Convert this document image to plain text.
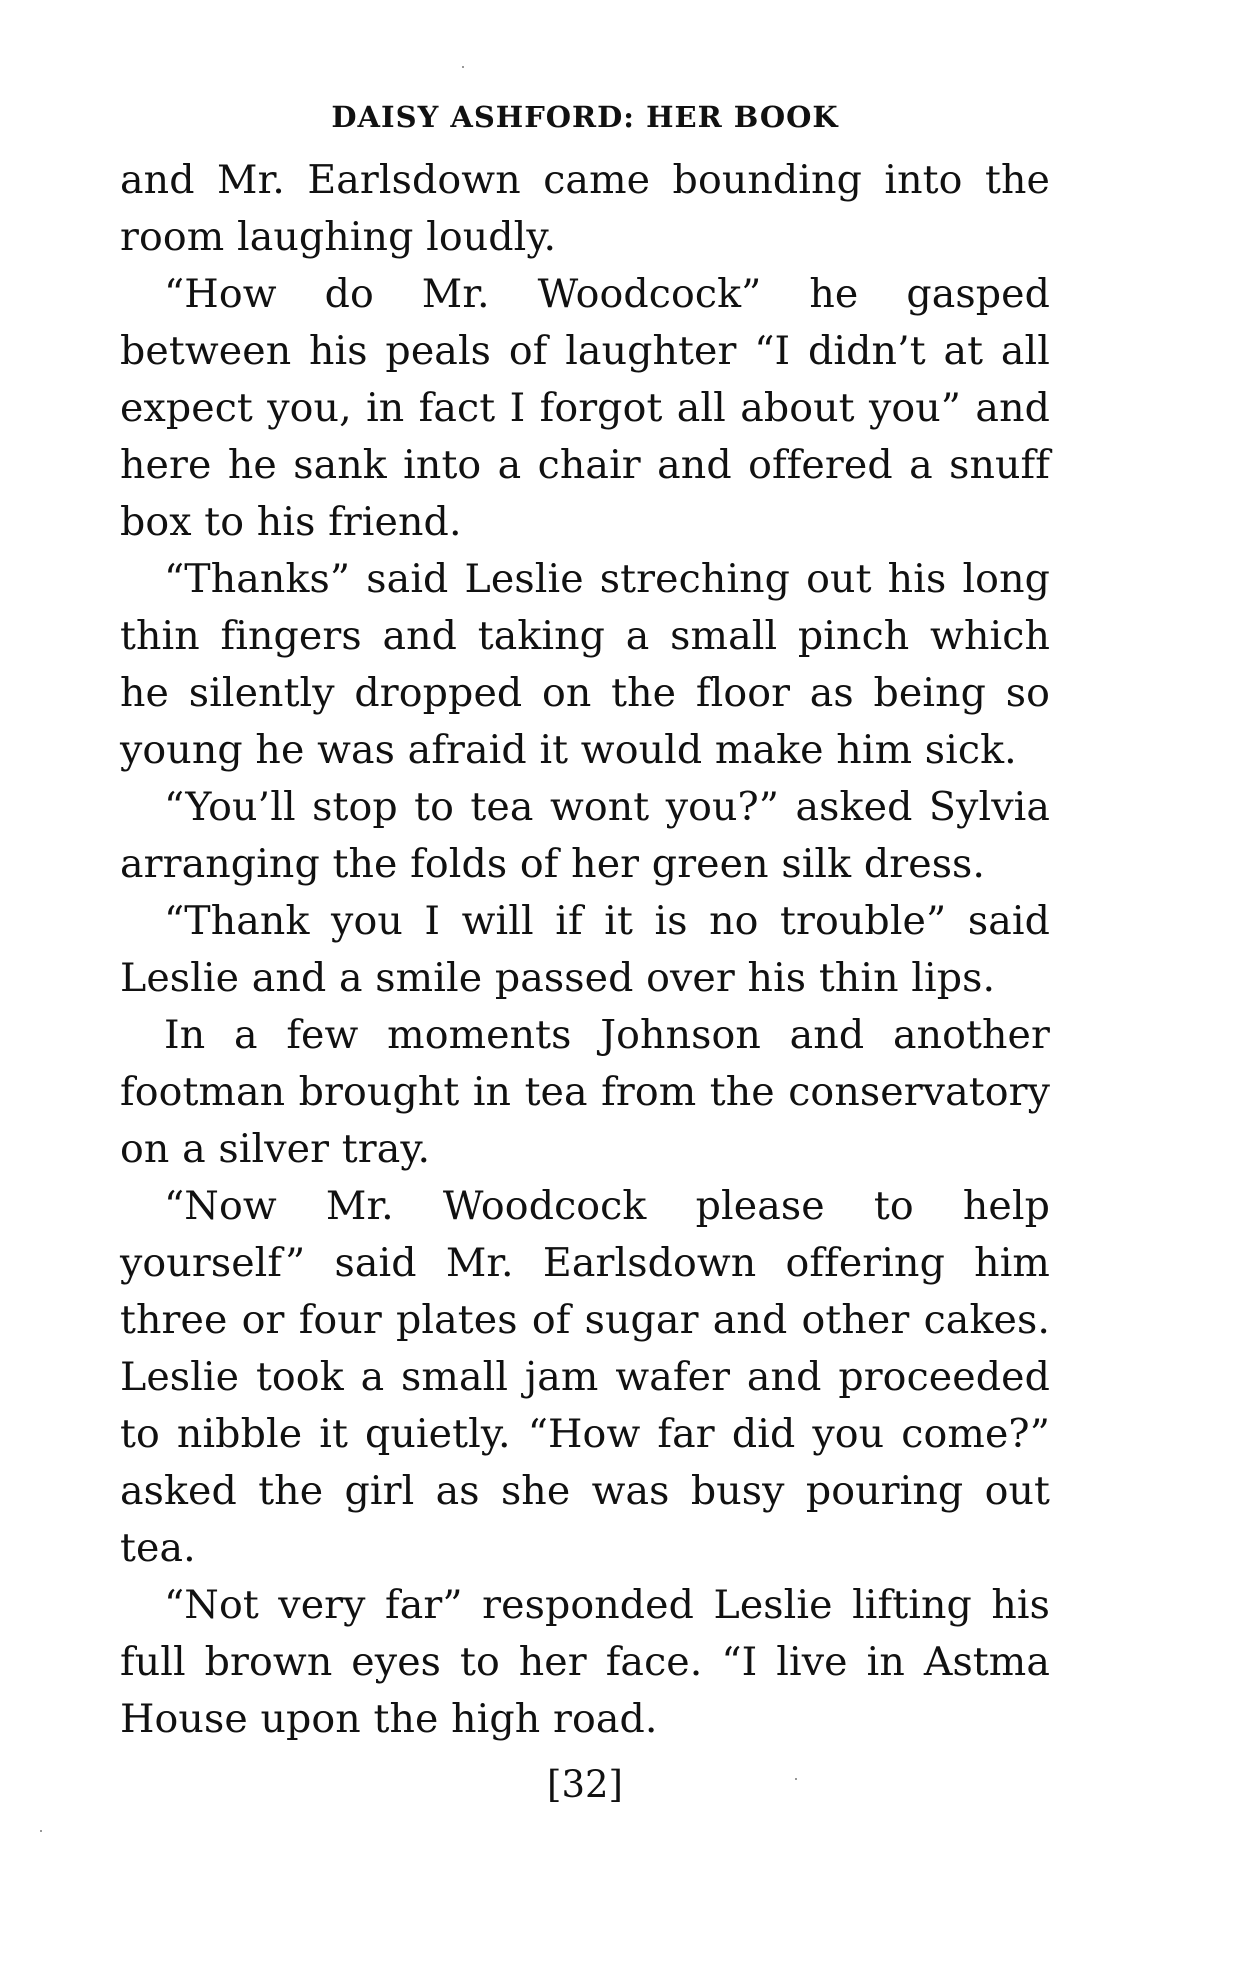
DAISY ASHFORD: HER BOOK

and Mr. Earlsdown came bounding into the room laughing loudly.

“How do Mr. Woodcock” he gasped between his peals of laughter “I didn’t at all expect you, in fact I forgot all about you” and here he sank into a chair and offered a snuff box to his friend.

“Thanks” said Leslie streching out his long thin fingers and taking a small pinch which he silently dropped on the floor as being so young he was afraid it would make him sick.

“You’ll stop to tea wont you?” asked Sylvia arranging the folds of her green silk dress.

“Thank you I will if it is no trouble” said Leslie and a smile passed over his thin lips.

In a few moments Johnson and another footman brought in tea from the conservatory on a silver tray.

“Now Mr. Woodcock please to help yourself” said Mr. Earlsdown offering him three or four plates of sugar and other cakes. Leslie took a small jam wafer and proceeded to nibble it quietly. “How far did you come?” asked the girl as she was busy pouring out tea.

“Not very far” responded Leslie lifting his full brown eyes to her face. “I live in Astma House upon the high road.

[32]
